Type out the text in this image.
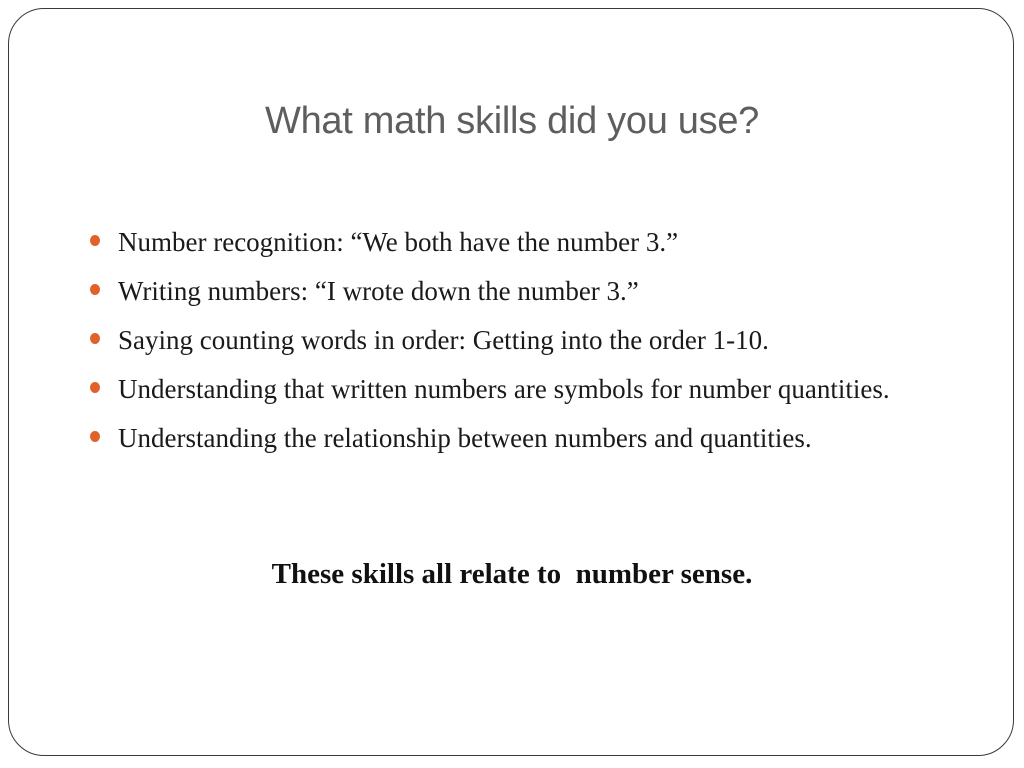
What math skills did you use?
Number recognition: “We both have the number 3.”
Writing numbers: “I wrote down the number 3.”
Saying counting words in order: Getting into the order 1-10.
Understanding that written numbers are symbols for number quantities.
Understanding the relationship between numbers and quantities.

These skills all relate to  number sense.
